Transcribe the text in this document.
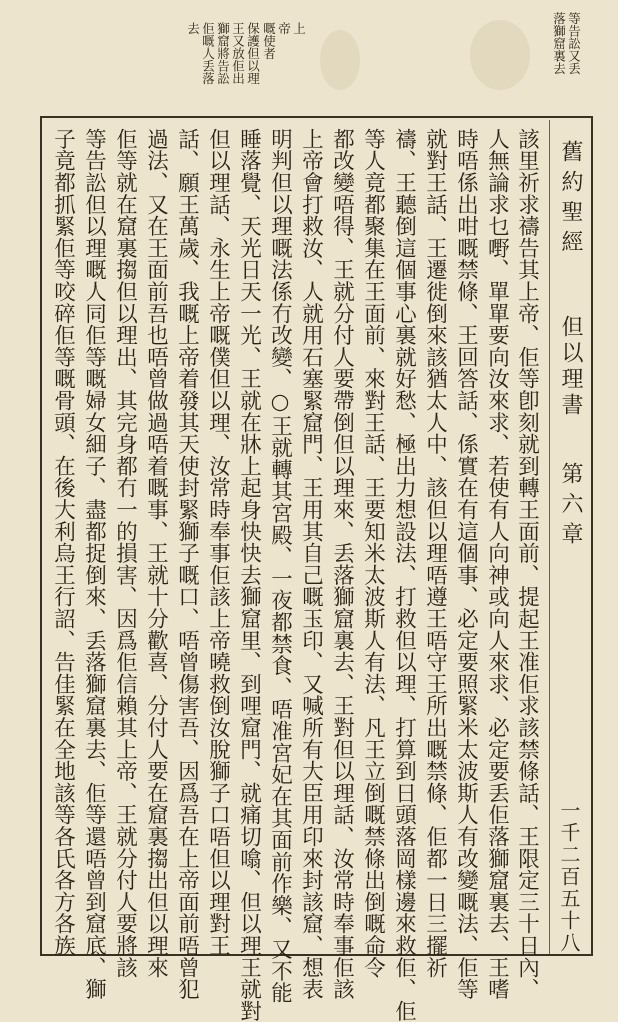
等告訟又丢
落獅窟裏去
上
帝
嘅使者
保護但以理
王又放佢出
獅窟將告訟
佢嘅人丢落
去
舊約聖經
但以理書
第六章
一千二百五十八
該里祈求禱告其上帝、佢等卽刻就到轉王面前、提起王准佢求該禁條話、王限定三十日內、
人無論求乜嘢、單單要向汝來求、若使有人向神或向人來求、必定要丢佢落獅窟裏去、王嗜
時唔係出咁嘅禁條、王回答話、係實在有這個事、必定要照緊米太波斯人有改變嘅法、佢等
就對王話、王遷徙倒來該猶太人中、該但以理唔遵王唔守王所出嘅禁條、佢都一日三擺祈
禱、王聽倒這個事心裏就好愁、極出力想設法、打救但以理、打算到日頭落岡樣邊來救佢、佢
等人竟都聚集在王面前、來對王話、王要知米太波斯人有法、凡王立倒嘅禁條出倒嘅命令
都改變唔得、王就分付人要帶倒但以理來、丢落獅窟裏去、王對但以理話、汝常時奉事佢該
上帝會打救汝、人就用石塞緊窟門、王用其自己嘅玉印、又喊所有大臣用印來封該窟、想表
明判但以理嘅法係冇改變、○王就轉其宮殿、一夜都禁食、唔准宮妃在其面前作樂、又不能
睡落覺、天光日天一光、王就在牀上起身快快去獅窟里、到哩窟門、就痛切噏、但以理王就對
但以理話、永生上帝嘅僕但以理、汝常時奉事佢該上帝曉救倒汝脫獅子口唔但以理對王
話、願王萬歲、我嘅上帝着發其天使封緊獅子嘅口、唔曾傷害吾、因爲吾在上帝面前唔曾犯
過法、又在王面前吾也唔曾做過唔着嘅事、王就十分歡喜、分付人要在窟裏搊出但以理來
佢等就在窟裏搊但以理出、其完身都冇一的損害、因爲佢信賴其上帝、王就分付人要將該
等告訟但以理嘅人同佢等嘅婦女細子、盡都捉倒來、丢落獅窟裏去、佢等還唔曾到窟底、獅
子竟都抓緊佢等咬碎佢等嘅骨頭、在後大利烏王行詔、告佳緊在全地該等各氏各方各族
